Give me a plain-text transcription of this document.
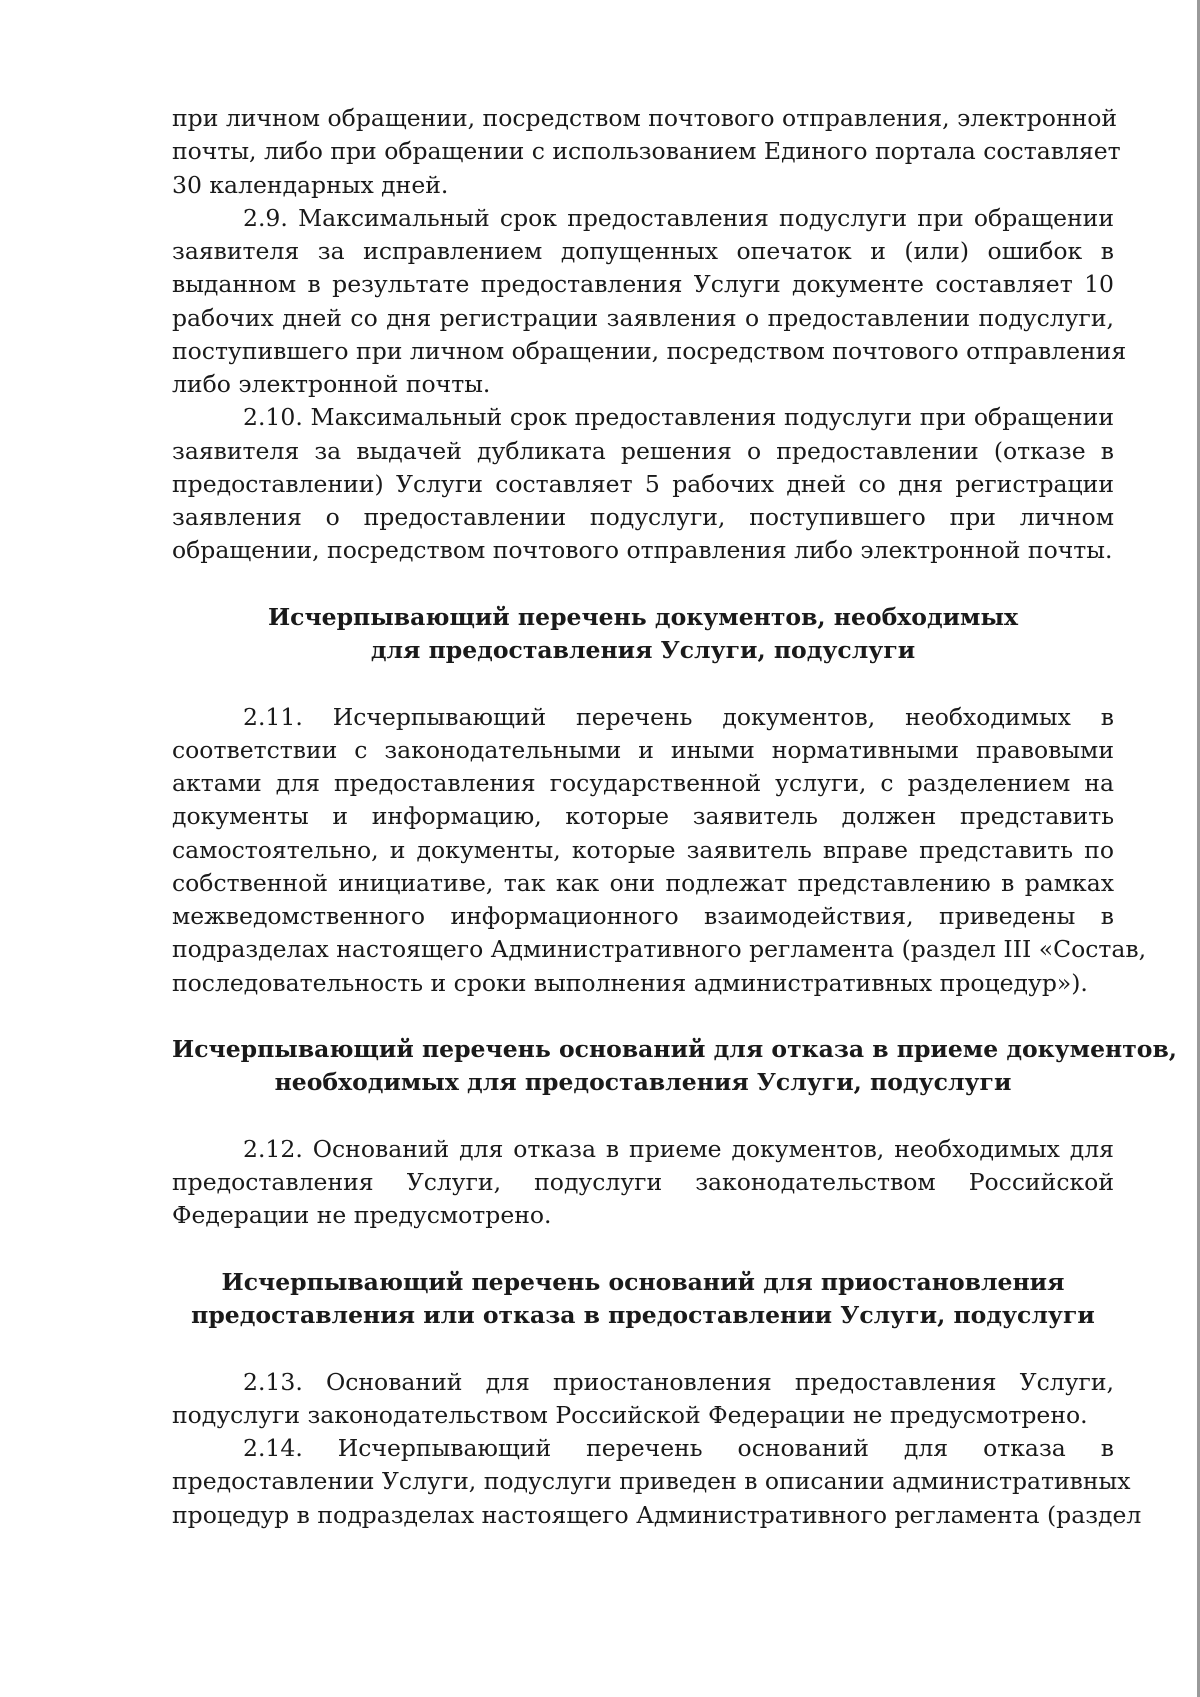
при личном обращении, посредством почтового отправления, электронной
почты, либо при обращении с использованием Единого портала составляет
30 календарных дней.
2.9. Максимальный срок предоставления подуслуги при обращении
заявителя за исправлением допущенных опечаток и (или) ошибок в
выданном в результате предоставления Услуги документе составляет 10
рабочих дней со дня регистрации заявления о предоставлении подуслуги,
поступившего при личном обращении, посредством почтового отправления
либо электронной почты.
2.10. Максимальный срок предоставления подуслуги при обращении
заявителя за выдачей дубликата решения о предоставлении (отказе в
предоставлении) Услуги составляет 5 рабочих дней со дня регистрации
заявления о предоставлении подуслуги, поступившего при личном
обращении, посредством почтового отправления либо электронной почты.
Исчерпывающий перечень документов, необходимых
для предоставления Услуги, подуслуги
2.11. Исчерпывающий перечень документов, необходимых в
соответствии с законодательными и иными нормативными правовыми
актами для предоставления государственной услуги, с разделением на
документы и информацию, которые заявитель должен представить
самостоятельно, и документы, которые заявитель вправе представить по
собственной инициативе, так как они подлежат представлению в рамках
межведомственного информационного взаимодействия, приведены в
подразделах настоящего Административного регламента (раздел III «Состав,
последовательность и сроки выполнения административных процедур»).
Исчерпывающий перечень оснований для отказа в приеме документов,
необходимых для предоставления Услуги, подуслуги
2.12. Оснований для отказа в приеме документов, необходимых для
предоставления Услуги, подуслуги законодательством Российской
Федерации не предусмотрено.
Исчерпывающий перечень оснований для приостановления
предоставления или отказа в предоставлении Услуги, подуслуги
2.13. Оснований для приостановления предоставления Услуги,
подуслуги законодательством Российской Федерации не предусмотрено.
2.14. Исчерпывающий перечень оснований для отказа в
предоставлении Услуги, подуслуги приведен в описании административных
процедур в подразделах настоящего Административного регламента (раздел
